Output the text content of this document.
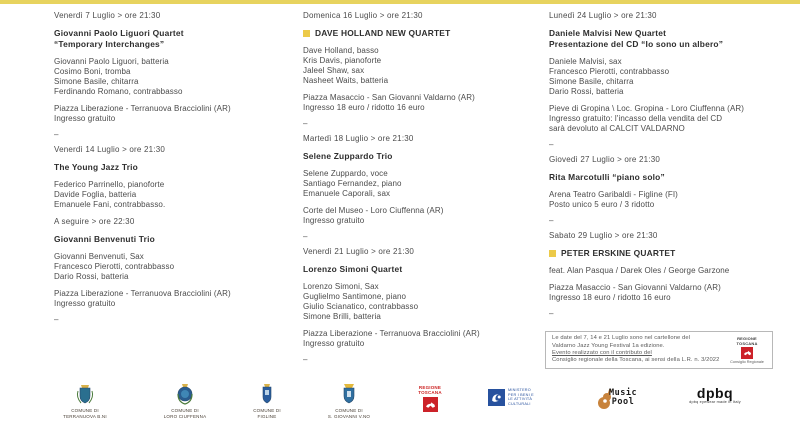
Venerdì 7 Luglio > ore 21:30
Giovanni Paolo Liguori Quartet
“Temporary Interchanges”
Giovanni Paolo Liguori, batteria
Cosimo Boni, tromba
Simone Basile, chitarra
Ferdinando Romano, contrabbasso
Piazza Liberazione - Terranuova Bracciolini (AR)
Ingresso gratuito
–
Venerdì 14 Luglio > ore 21:30
The Young Jazz Trio
Federico Parrinello, pianoforte
Davide Foglia, batteria
Emanuele Fani, contrabbasso.
A seguire > ore 22:30
Giovanni Benvenuti Trio
Giovanni Benvenuti, Sax
Francesco Pierotti, contrabbasso
Dario Rossi, batteria
Piazza Liberazione - Terranuova Bracciolini (AR)
Ingresso gratuito
–
Domenica 16 Luglio > ore 21:30
DAVE HOLLAND NEW QUARTET
Dave Holland, basso
Kris Davis, pianoforte
Jaleel Shaw, sax
Nasheet Waits, batteria
Piazza Masaccio - San Giovanni Valdarno (AR)
Ingresso 18 euro / ridotto 16 euro
–
Martedì 18 Luglio > ore 21:30
Selene Zuppardo Trio
Selene Zuppardo, voce
Santiago Fernandez, piano
Emanuele Caporali, sax
Corte del Museo - Loro Ciuffenna (AR)
Ingresso gratuito
–
Venerdì 21 Luglio > ore 21:30
Lorenzo Simoni Quartet
Lorenzo Simoni, Sax
Guglielmo Santimone, piano
Giulio Scianatico, contrabbasso
Simone Brilli, batteria
Piazza Liberazione - Terranuova Bracciolini (AR)
Ingresso gratuito
–
Lunedì 24 Luglio > ore 21:30
Daniele Malvisi New Quartet
Presentazione del CD “Io sono un albero”
Daniele Malvisi, sax
Francesco Pierotti, contrabbasso
Simone Basile, chitarra
Dario Rossi, batteria
Pieve di Gropina \ Loc. Gropina - Loro Ciuffenna (AR)
Ingresso gratuito: l'incasso della vendita del CD
sarà devoluto al CALCIT VALDARNO
–
Giovedì 27 Luglio > ore 21:30
Rita Marcotulli “piano solo”
Arena Teatro Garibaldi - Figline (FI)
Posto unico 5 euro / 3 ridotto
–
Sabato 29 Luglio > ore 21:30
PETER ERSKINE QUARTET
feat. Alan Pasqua / Darek Oles / George Garzone
Piazza Masaccio - San Giovanni Valdarno (AR)
Ingresso 18 euro / ridotto 16 euro
–
Le date del 7, 14 e 21 Luglio sono nel cartellone del
Valdarno Jazz Young Festival 1a edizione.
Evento realizzato con il contributo del
Consiglio regionale della Toscana, ai sensi della L.R. n. 3/2022
REGIONE TOSCANA
Consiglio Regionale
COMUNE DI
TERRANUOVA B.NI
COMUNE DI
LORO CIUFFENNA
COMUNE DI
FIGLINE
COMUNE DI
S. GIOVANNI V.NO
REGIONE
TOSCANA	MINISTERO
PER I BENI E
LE ATTIVITÀ
CULTURALI
Music
Pool
dpbq
dpbq eyewear made in Italy
